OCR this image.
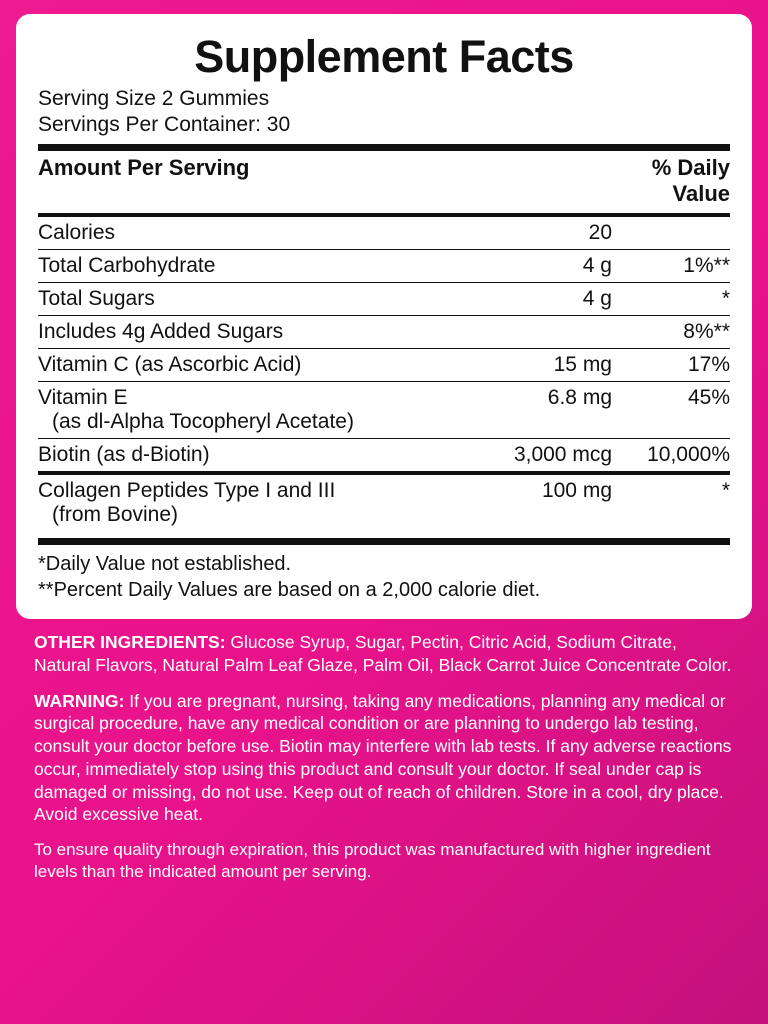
Supplement Facts
Serving Size 2 Gummies
Servings Per Container: 30
Amount Per Serving		% Daily Value
Calories	20	
Total Carbohydrate	4 g	1%**
Total Sugars	4 g	*
Includes 4g Added Sugars		8%**
Vitamin C (as Ascorbic Acid)	15 mg	17%
Vitamin E
(as dl-Alpha Tocopheryl Acetate)	6.8 mg	45%
Biotin (as d-Biotin)	3,000 mcg	10,000%
Collagen Peptides Type I and III
(from Bovine)
	100 mg	*
*Daily Value not established.
**Percent Daily Values are based on a 2,000 calorie diet.

OTHER INGREDIENTS: Glucose Syrup, Sugar, Pectin, Citric Acid, Sodium Citrate, Natural Flavors, Natural Palm Leaf Glaze, Palm Oil, Black Carrot Juice Concentrate Color.

WARNING: If you are pregnant, nursing, taking any medications, planning any medical or surgical procedure, have any medical condition or are planning to undergo lab testing, consult your doctor before use. Biotin may interfere with lab tests. If any adverse reactions occur, immediately stop using this product and consult your doctor. If seal under cap is damaged or missing, do not use. Keep out of reach of children. Store in a cool, dry place. Avoid excessive heat.

To ensure quality through expiration, this product was manufactured with higher ingredient levels than the indicated amount per serving.
